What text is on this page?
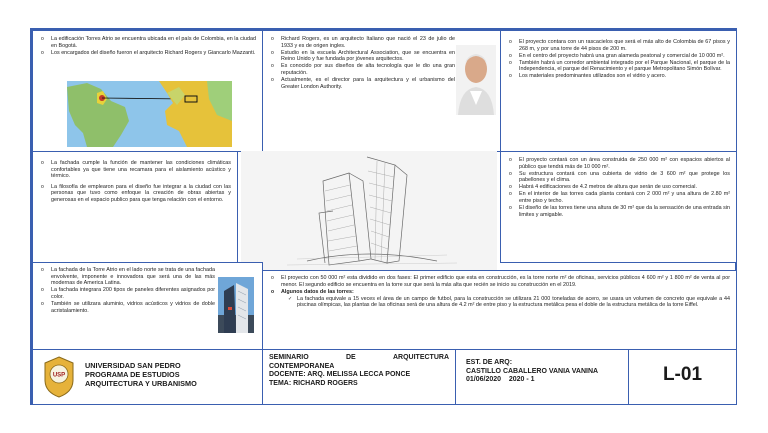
o La edificación Torres Atrio se encuentra ubicada en el país de Colombia, en la ciudad en Bogotá.
o Los encargados del diseño fueron el arquitecto Richard Rogers y Giancarlo Mazzanti.
o Richard Rogers, es un arquitecto Italiano que nació el 23 de julio de 1933 y es de origen ingles.
o Estudio en la escuela Architectural Association, que se encuentra en Reino Unido y fue fundada por jóvenes arquitectos.
o Es conocido por sus diseños de alta tecnología que le dio una gran reputación.
o Actualmente, es el director para la arquitectura y el urbanismo del Greater London Authority.
o El proyecto contara con un rascacielos que será el más alto de Colombia de 67 pisos y 268 m, y por una torre de 44 pisos de 200 m.
o En el centro del proyecto habrá una gran alameda peatonal y comercial de 10 000 m².
o También habrá un corredor ambiental integrado por el Parque Nacional, el parque de la Independencia, el parque del Renacimiento y el parque Metropolitano Simón Bolívar.
o Los materiales predominantes utilizados son el vidrio y acero.
o La fachada cumple la función de mantener las condiciones climáticas confortables ya que tiene una recamara para el aislamiento acústico y térmico.
o La filosofía de emplearon para el diseño fue integrar a la ciudad con las personas que tuvo como enfoque la creación de obras abiertas y generosas en el espacio publico para que tenga relación con el entorno.
o El proyecto contará con un área construida de 250 000 m² con espacios abiertos al público que tendrá más de 10 000 m².
o Su estructura contará con una cubierta de vidrio de 3 600 m² que protege los pabellones y el clima.
o Habrá 4 edificaciones de 4.2 metros de altura que serán de uso comercial.
o En el interior de las torres cada planta contará con 2 000 m² y una altura de 2.80 m² entre piso y techo.
o El diseño de las torres tiene una altura de 30 m² que da la sensación de una entrada sin limites y amigable.
o La fachada de la Torre Atrio en el lado norte se trata de una fachada envolvente, imponente e innovadora que será una de las más modernas de America Latina.
o La fachada integrara 200 tipos de paneles diferentes asignados por color.
o También se utilizara aluminio, vidrios acústicos y vidrios de doble acristalamiento.
o El proyecto con 50 000 m² esta dividido en dos fases: El primer edificio que esta en construcción, es la torre norte m² de oficinas, servicios públicos 4 600 m² y 1 800 m² de venta al por menor. El segundo edificio se encuentra en la torre sur que será la más alta que recién se inicio su construcción en el 2019.
o Algunos datos de las torres:
✓ La fachada equivale a 15 veces el área de un campo de futbol, para la construcción se utilizara 21 000 toneladas de acero, se usara un volumen de concreto que equivale a 44 piscinas olímpicas, las plantas de las oficinas será de una altura de 4.2 m² de entre piso y la estructura metálica pesa el doble de la estructura metálica de la torre Eiffel.
USP
UNIVERSIDAD SAN PEDRO
PROGRAMA DE ESTUDIOS
ARQUITECTURA Y URBANISMO
SEMINARIO	DE	ARQUITECTURA
CONTEMPORANEA
DOCENTE: ARQ. MELISSA LECCA PONCE
TEMA: RICHARD ROGERS
EST. DE ARQ:
CASTILLO CABALLERO VANIA VANINA
01/06/2020    2020 - 1	L-01
